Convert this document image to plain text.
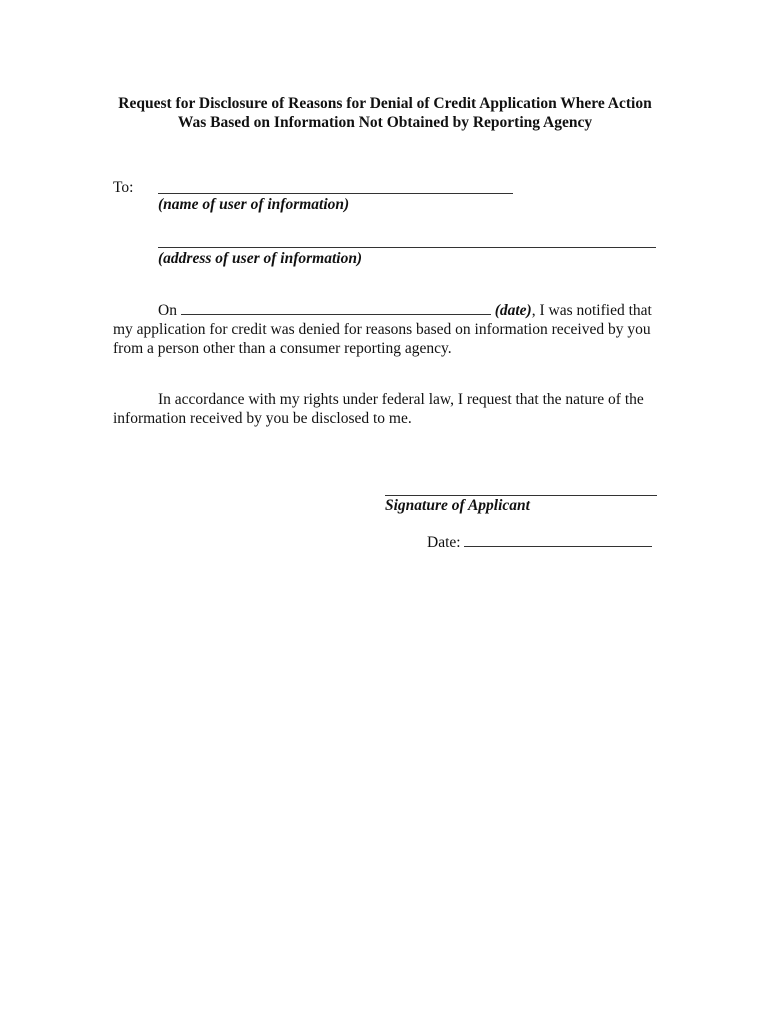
Request for Disclosure of Reasons for Denial of Credit Application Where Action
Was Based on Information Not Obtained by Reporting Agency
To:
(name of user of information)
(address of user of information)
On	(date), I was notified that
my application for credit was denied for reasons based on information received by you
from a person other than a consumer reporting agency.
In accordance with my rights under federal law, I request that the nature of the
information received by you be disclosed to me.
Signature of Applicant
Date:
